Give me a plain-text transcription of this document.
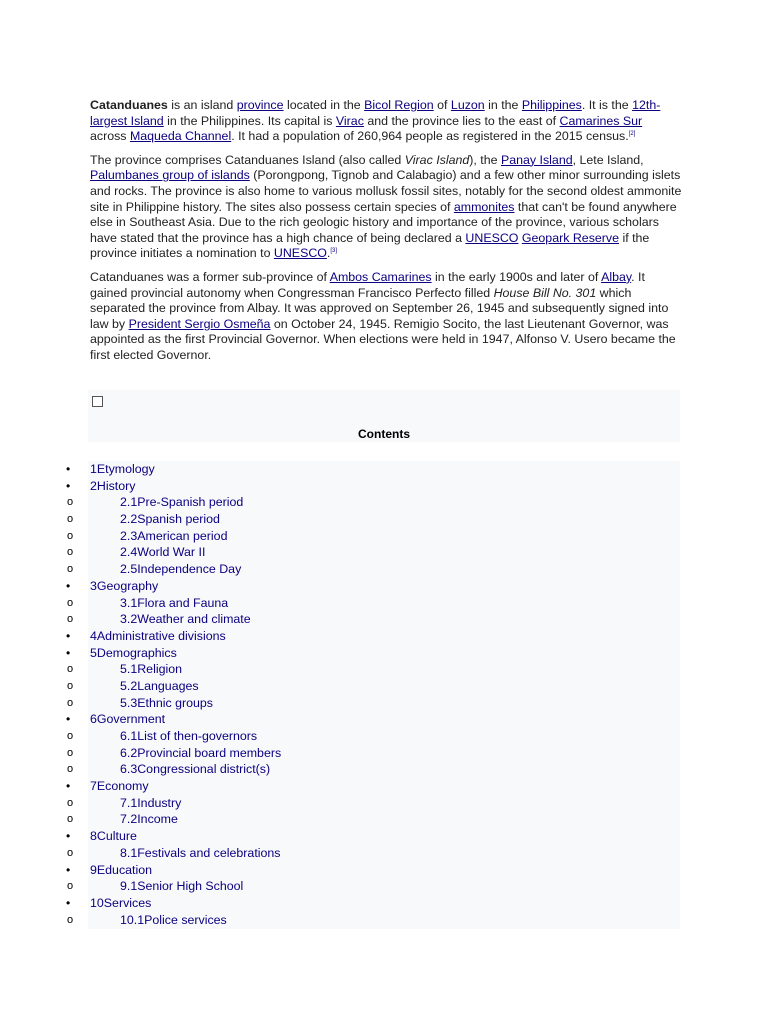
Catanduanes is an island province located in the Bicol Region of Luzon in the Philippines. It is the 12th-largest Island in the Philippines. Its capital is Virac and the province lies to the east of Camarines Sur across Maqueda Channel. It had a population of 260,964 people as registered in the 2015 census.[2]

The province comprises Catanduanes Island (also called Virac Island), the Panay Island, Lete Island, Palumbanes group of islands (Porongpong, Tignob and Calabagio) and a few other minor surrounding islets and rocks. The province is also home to various mollusk fossil sites, notably for the second oldest ammonite site in Philippine history. The sites also possess certain species of ammonites that can't be found anywhere else in Southeast Asia. Due to the rich geologic history and importance of the province, various scholars have stated that the province has a high chance of being declared a UNESCO Geopark Reserve if the province initiates a nomination to UNESCO.[3]

Catanduanes was a former sub-province of Ambos Camarines in the early 1900s and later of Albay. It gained provincial autonomy when Congressman Francisco Perfecto filled House Bill No. 301 which separated the province from Albay. It was approved on September 26, 1945 and subsequently signed into law by President Sergio Osmeña on October 24, 1945. Remigio Socito, the last Lieutenant Governor, was appointed as the first Provincial Governor. When elections were held in 1947, Alfonso V. Usero became the first elected Governor.

Contents
• 1Etymology
• 2History
o	2.1Pre-Spanish period
o	2.2Spanish period
o	2.3American period
o	2.4World War II
o	2.5Independence Day
• 3Geography
o	3.1Flora and Fauna
o	3.2Weather and climate
• 4Administrative divisions
• 5Demographics
o	5.1Religion
o	5.2Languages
o	5.3Ethnic groups
• 6Government
o	6.1List of then-governors
o	6.2Provincial board members
o	6.3Congressional district(s)
• 7Economy
o	7.1Industry
o	7.2Income
• 8Culture
o	8.1Festivals and celebrations
• 9Education
o	9.1Senior High School
• 10Services
o	10.1Police services
